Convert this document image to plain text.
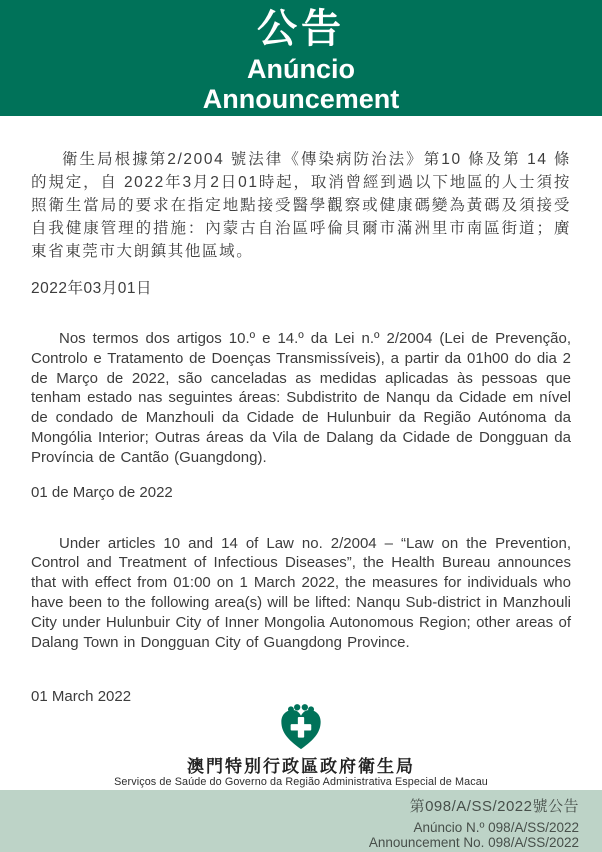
公告
Anúncio
Announcement

衛生局根據第2/2004 號法律《傳染病防治法》第10 條及第 14 條的規定，自 2022年3月2日01時起，取消曾經到過以下地區的人士須按照衛生當局的要求在指定地點接受醫學觀察或健康碼變為黃碼及須接受自我健康管理的措施：內蒙古自治區呼倫貝爾市滿洲里市南區街道；廣東省東莞市大朗鎮其他區域。

2022年03月01日

Nos termos dos artigos 10.º e 14.º da Lei n.º 2/2004 (Lei de Prevenção, Controlo e Tratamento de Doenças Transmissíveis), a partir da 01h00 do dia 2 de Março de 2022, são canceladas as medidas aplicadas às pessoas que tenham estado nas seguintes áreas: Subdistrito de Nanqu da Cidade em nível de condado de Manzhouli da Cidade de Hulunbuir da Região Autónoma da Mongólia Interior; Outras áreas da Vila de Dalang da Cidade de Dongguan da Província de Cantão (Guangdong).

01 de Março de 2022

Under articles 10 and 14 of Law no. 2/2004 – “Law on the Prevention, Control and Treatment of Infectious Diseases”, the Health Bureau announces that with effect from 01:00 on 1 March 2022, the measures for individuals who have been to the following area(s) will be lifted: Nanqu Sub-district in Manzhouli City under Hulunbuir City of Inner Mongolia Autonomous Region; other areas of Dalang Town in Dongguan City of Guangdong Province.

01 March 2022
澳門特別行政區政府衛生局
Serviços de Saúde do Governo da Região Administrativa Especial de Macau
第098/A/SS/2022號公告
Anúncio N.º 098/A/SS/2022
Announcement No. 098/A/SS/2022
